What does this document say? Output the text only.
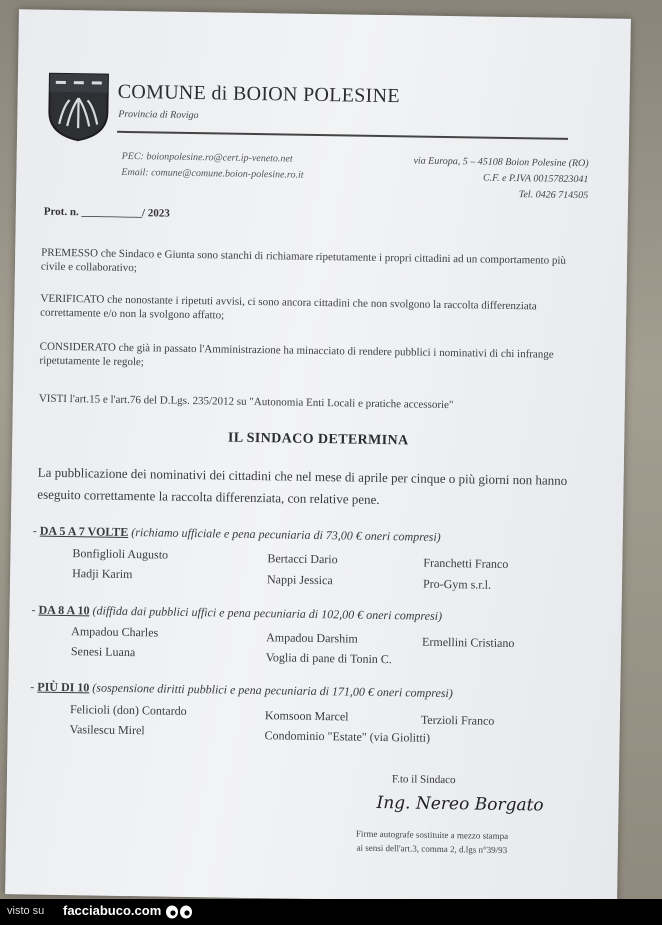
COMUNE di BOION POLESINE
Provincia di Rovigo
PEC: boionpolesine.ro@cert.ip-veneto.net
Email: comune@comune.boion-polesine.ro.it
via Europa, 5 – 45108 Boion Polesine (RO)
C.F. e P.IVA 00157823041
Tel. 0426 714505
Prot. n. ___________/ 2023
PREMESSO che Sindaco e Giunta sono stanchi di richiamare ripetutamente i propri cittadini ad un comportamento più civile e collaborativo;
VERIFICATO che nonostante i ripetuti avvisi, ci sono ancora cittadini che non svolgono la raccolta differenziata correttamente e/o non la svolgono affatto;
CONSIDERATO che già in passato l'Amministrazione ha minacciato di rendere pubblici i nominativi di chi infrange ripetutamente le regole;
VISTI l'art.15 e l'art.76 del D.Lgs. 235/2012 su "Autonomia Enti Locali e pratiche accessorie"
IL SINDACO DETERMINA
La pubblicazione dei nominativi dei cittadini che nel mese di aprile per cinque o più giorni non hanno eseguito correttamente la raccolta differenziata, con relative pene.
- DA 5 A 7 VOLTE (richiamo ufficiale e pena pecuniaria di 73,00 € oneri compresi)
Bonfiglioli Augusto	Bertacci Dario	Franchetti Franco
Hadji Karim	Nappi Jessica	Pro-Gym s.r.l.
- DA 8 A 10 (diffida dai pubblici uffici e pena pecuniaria di 102,00 € oneri compresi)
Ampadou Charles	Ampadou Darshim	Ermellini Cristiano
Senesi Luana	Voglia di pane di Tonin C.
- PIÙ DI 10 (sospensione diritti pubblici e pena pecuniaria di 171,00 € oneri compresi)
Felicioli (don) Contardo	Komsoon Marcel	Terzioli Franco
Vasilescu Mirel	Condominio "Estate" (via Giolitti)
F.to il Sindaco
Ing. Nereo Borgato
Firme autografe sostituite a mezzo stampa
ai sensi dell'art.3, comma 2, d.lgs n°39/93
visto su facciabuco.com
